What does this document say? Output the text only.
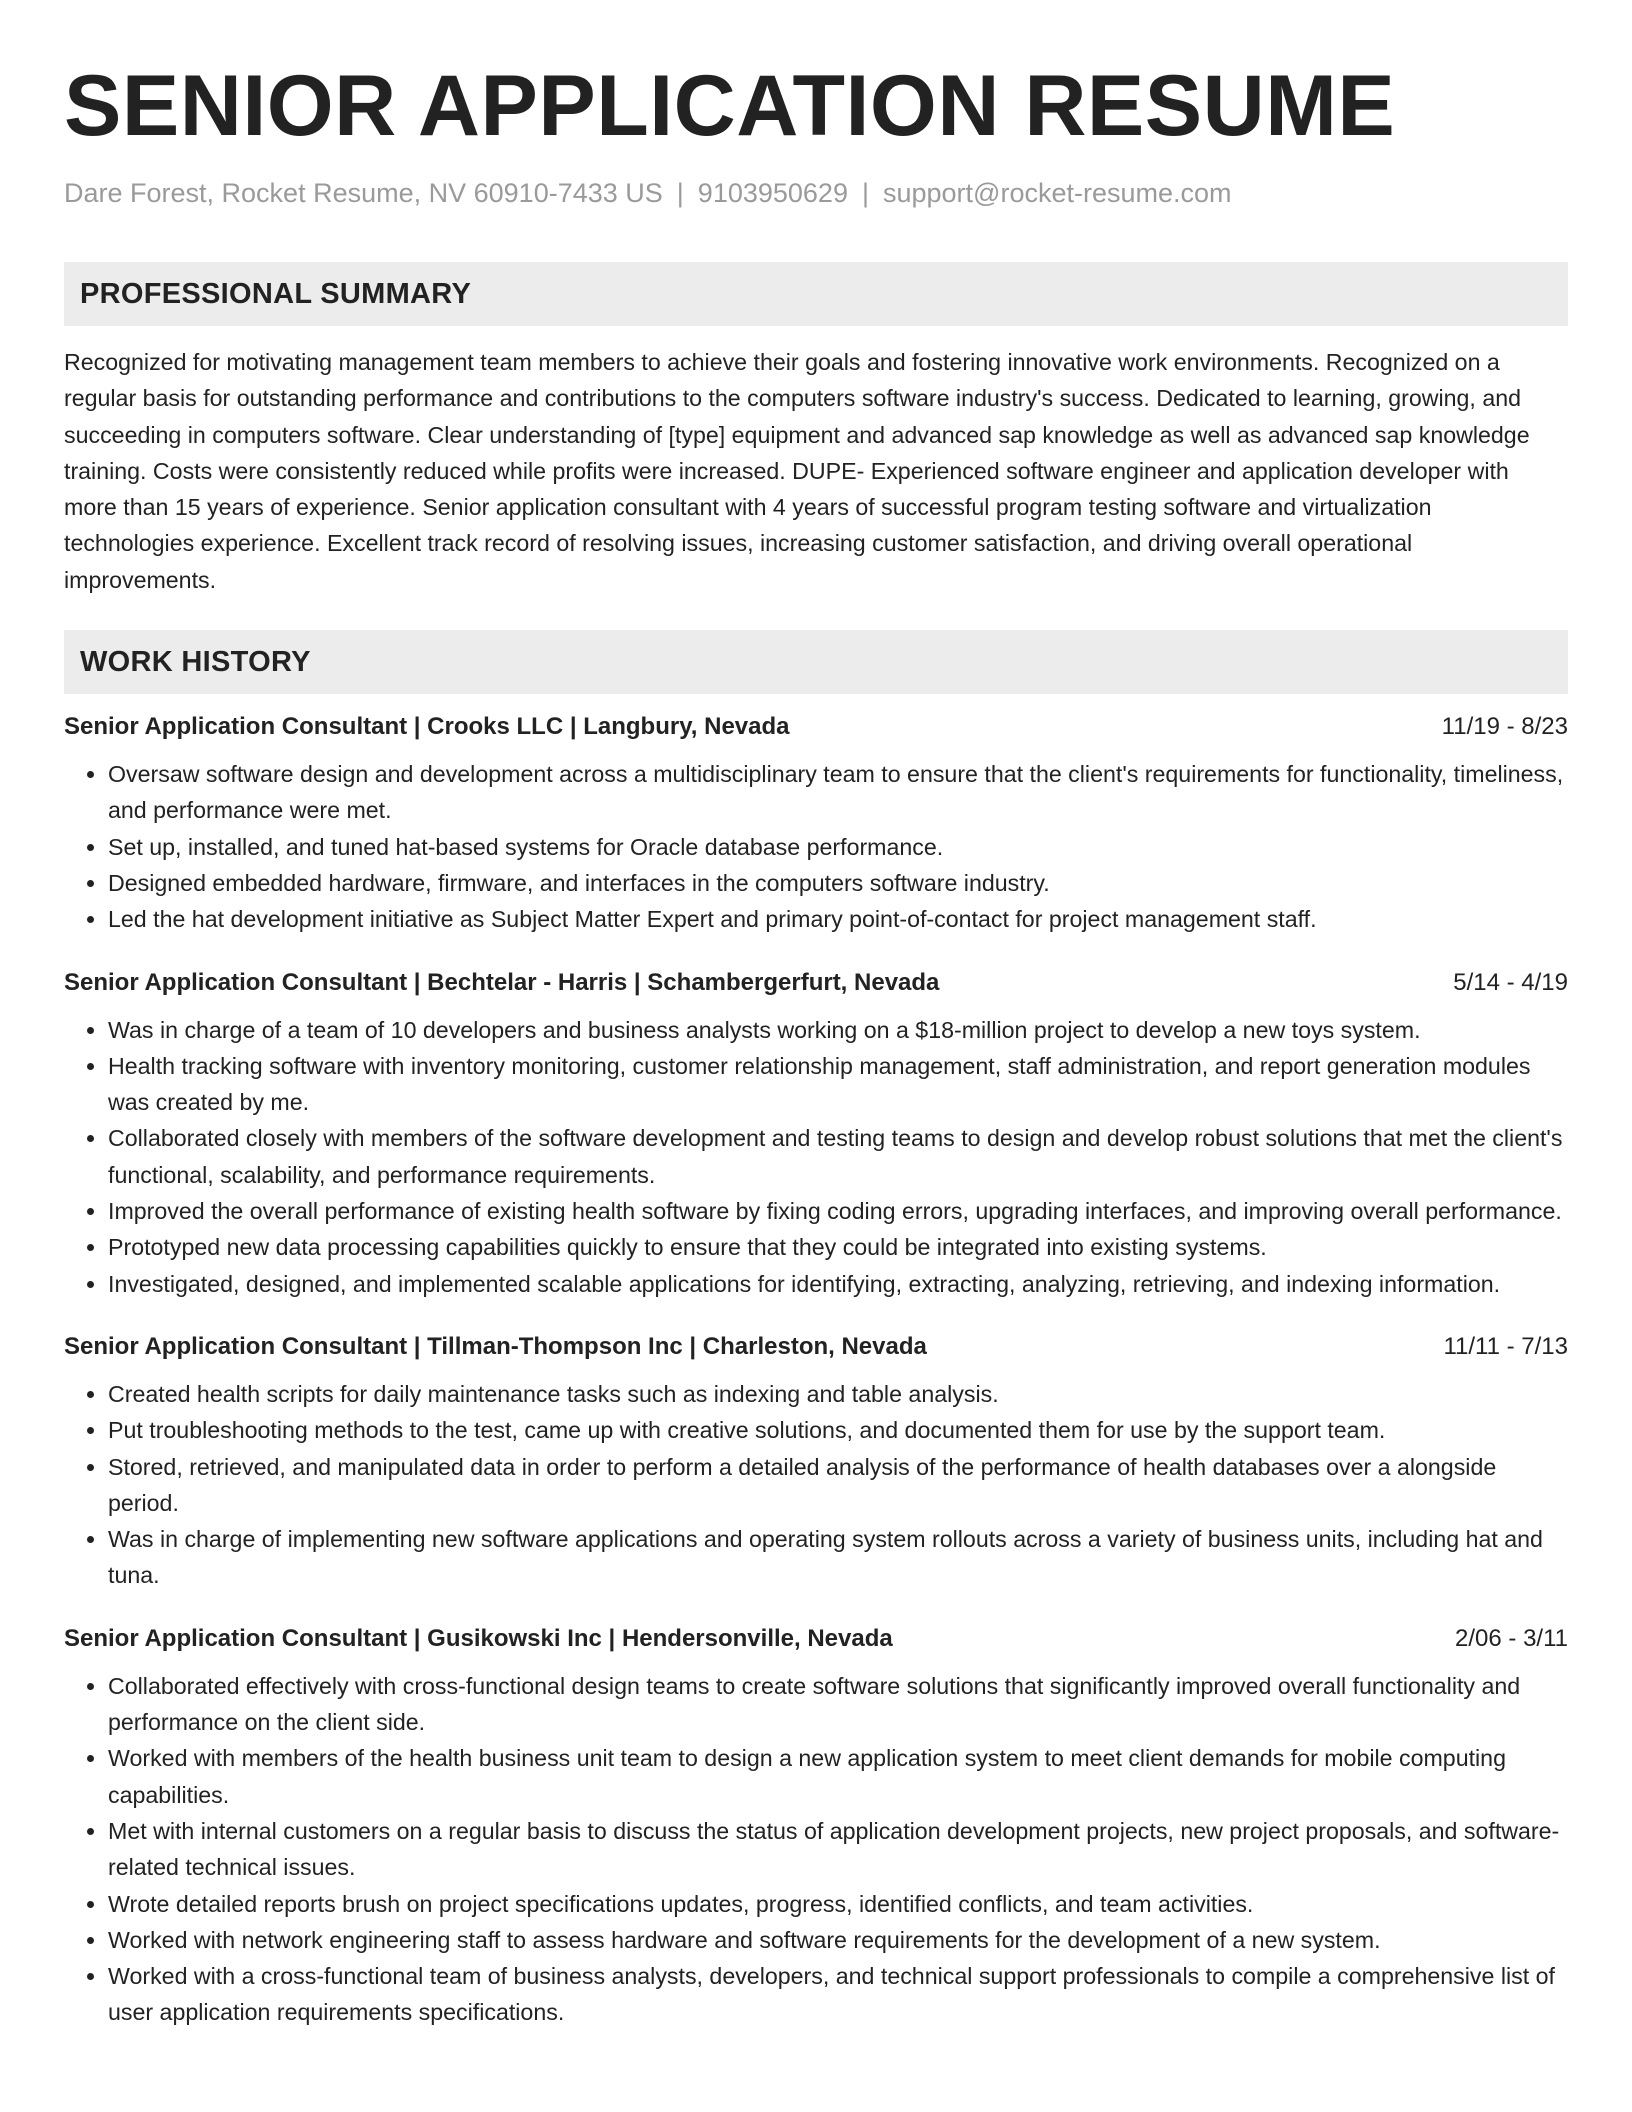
SENIOR APPLICATION RESUME
Dare Forest, Rocket Resume, NV 60910-7433 US | 9103950629 | support@rocket-resume.com
PROFESSIONAL SUMMARY

Recognized for motivating management team members to achieve their goals and fostering innovative work environments. Recognized on a regular basis for outstanding performance and contributions to the computers software industry's success. Dedicated to learning, growing, and succeeding in computers software. Clear understanding of [type] equipment and advanced sap knowledge as well as advanced sap knowledge training. Costs were consistently reduced while profits were increased. DUPE- Experienced software engineer and application developer with more than 15 years of experience. Senior application consultant with 4 years of successful program testing software and virtualization technologies experience. Excellent track record of resolving issues, increasing customer satisfaction, and driving overall operational improvements.

WORK HISTORY
Senior Application Consultant | Crooks LLC | Langbury, Nevada	11/19 - 8/23
• Oversaw software design and development across a multidisciplinary team to ensure that the client's requirements for functionality, timeliness, and performance were met.
• Set up, installed, and tuned hat-based systems for Oracle database performance.
• Designed embedded hardware, firmware, and interfaces in the computers software industry.
• Led the hat development initiative as Subject Matter Expert and primary point-of-contact for project management staff.
Senior Application Consultant | Bechtelar - Harris | Schambergerfurt, Nevada	5/14 - 4/19
• Was in charge of a team of 10 developers and business analysts working on a $18-million project to develop a new toys system.
• Health tracking software with inventory monitoring, customer relationship management, staff administration, and report generation modules was created by me.
• Collaborated closely with members of the software development and testing teams to design and develop robust solutions that met the client's functional, scalability, and performance requirements.
• Improved the overall performance of existing health software by fixing coding errors, upgrading interfaces, and improving overall performance.
• Prototyped new data processing capabilities quickly to ensure that they could be integrated into existing systems.
• Investigated, designed, and implemented scalable applications for identifying, extracting, analyzing, retrieving, and indexing information.
Senior Application Consultant | Tillman-Thompson Inc | Charleston, Nevada	11/11 - 7/13
• Created health scripts for daily maintenance tasks such as indexing and table analysis.
• Put troubleshooting methods to the test, came up with creative solutions, and documented them for use by the support team.
• Stored, retrieved, and manipulated data in order to perform a detailed analysis of the performance of health databases over a alongside period.
• Was in charge of implementing new software applications and operating system rollouts across a variety of business units, including hat and tuna.
Senior Application Consultant | Gusikowski Inc | Hendersonville, Nevada	2/06 - 3/11
• Collaborated effectively with cross-functional design teams to create software solutions that significantly improved overall functionality and performance on the client side.
• Worked with members of the health business unit team to design a new application system to meet client demands for mobile computing capabilities.
• Met with internal customers on a regular basis to discuss the status of application development projects, new project proposals, and software-related technical issues.
• Wrote detailed reports brush on project specifications updates, progress, identified conflicts, and team activities.
• Worked with network engineering staff to assess hardware and software requirements for the development of a new system.
• Worked with a cross-functional team of business analysts, developers, and technical support professionals to compile a comprehensive list of user application requirements specifications.
